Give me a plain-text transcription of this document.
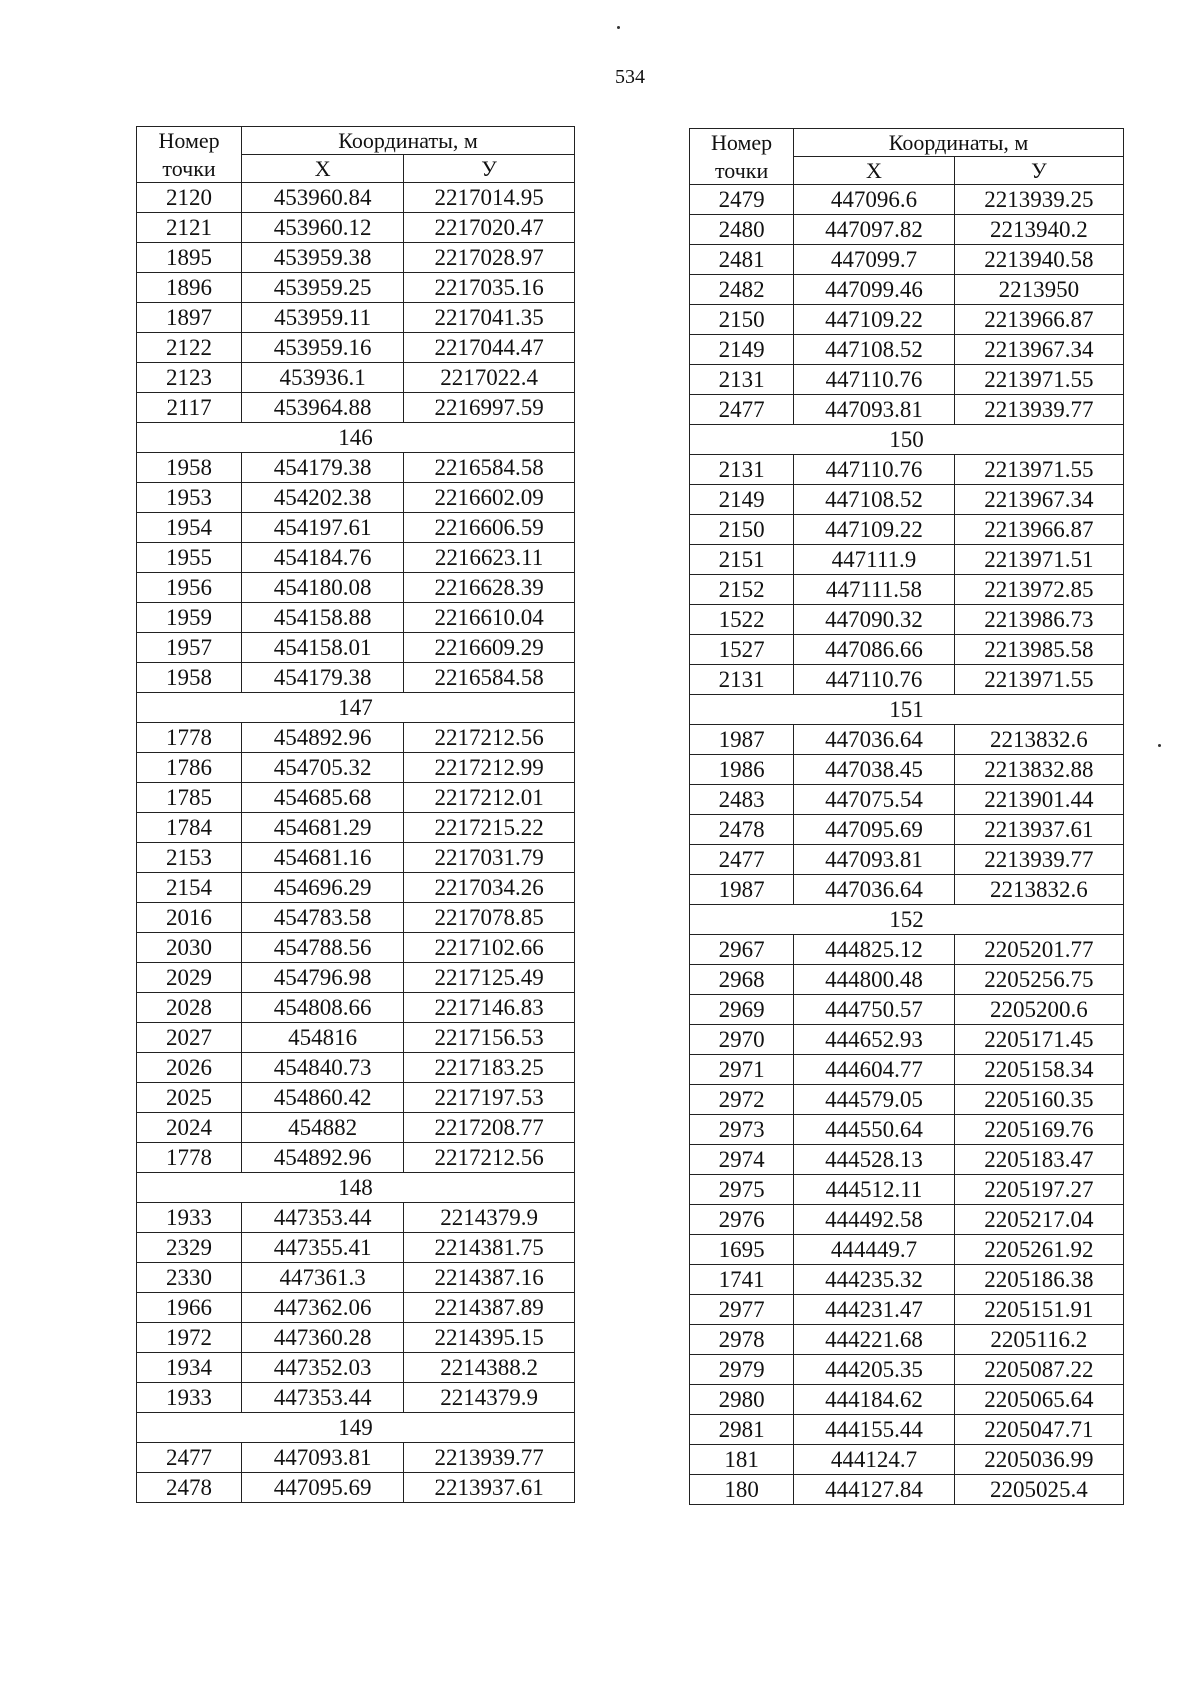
534
Номер	Координаты, м	
точки	X	У
2120	453960.84	2217014.95
2121	453960.12	2217020.47
1895	453959.38	2217028.97
1896	453959.25	2217035.16
1897	453959.11	2217041.35
2122	453959.16	2217044.47
2123	453936.1	2217022.4
2117	453964.88	2216997.59
146		
1958	454179.38	2216584.58
1953	454202.38	2216602.09
1954	454197.61	2216606.59
1955	454184.76	2216623.11
1956	454180.08	2216628.39
1959	454158.88	2216610.04
1957	454158.01	2216609.29
1958	454179.38	2216584.58
147		
1778	454892.96	2217212.56
1786	454705.32	2217212.99
1785	454685.68	2217212.01
1784	454681.29	2217215.22
2153	454681.16	2217031.79
2154	454696.29	2217034.26
2016	454783.58	2217078.85
2030	454788.56	2217102.66
2029	454796.98	2217125.49
2028	454808.66	2217146.83
2027	454816	2217156.53
2026	454840.73	2217183.25
2025	454860.42	2217197.53
2024	454882	2217208.77
1778	454892.96	2217212.56
148		
1933	447353.44	2214379.9
2329	447355.41	2214381.75
2330	447361.3	2214387.16
1966	447362.06	2214387.89
1972	447360.28	2214395.15
1934	447352.03	2214388.2
1933	447353.44	2214379.9
149		
2477	447093.81	2213939.77
2478	447095.69	2213937.61
Номер	Координаты, м	
точки	X	У
2479	447096.6	2213939.25
2480	447097.82	2213940.2
2481	447099.7	2213940.58
2482	447099.46	2213950
2150	447109.22	2213966.87
2149	447108.52	2213967.34
2131	447110.76	2213971.55
2477	447093.81	2213939.77
150		
2131	447110.76	2213971.55
2149	447108.52	2213967.34
2150	447109.22	2213966.87
2151	447111.9	2213971.51
2152	447111.58	2213972.85
1522	447090.32	2213986.73
1527	447086.66	2213985.58
2131	447110.76	2213971.55
151		
1987	447036.64	2213832.6
1986	447038.45	2213832.88
2483	447075.54	2213901.44
2478	447095.69	2213937.61
2477	447093.81	2213939.77
1987	447036.64	2213832.6
152		
2967	444825.12	2205201.77
2968	444800.48	2205256.75
2969	444750.57	2205200.6
2970	444652.93	2205171.45
2971	444604.77	2205158.34
2972	444579.05	2205160.35
2973	444550.64	2205169.76
2974	444528.13	2205183.47
2975	444512.11	2205197.27
2976	444492.58	2205217.04
1695	444449.7	2205261.92
1741	444235.32	2205186.38
2977	444231.47	2205151.91
2978	444221.68	2205116.2
2979	444205.35	2205087.22
2980	444184.62	2205065.64
2981	444155.44	2205047.71
181	444124.7	2205036.99
180	444127.84	2205025.4
